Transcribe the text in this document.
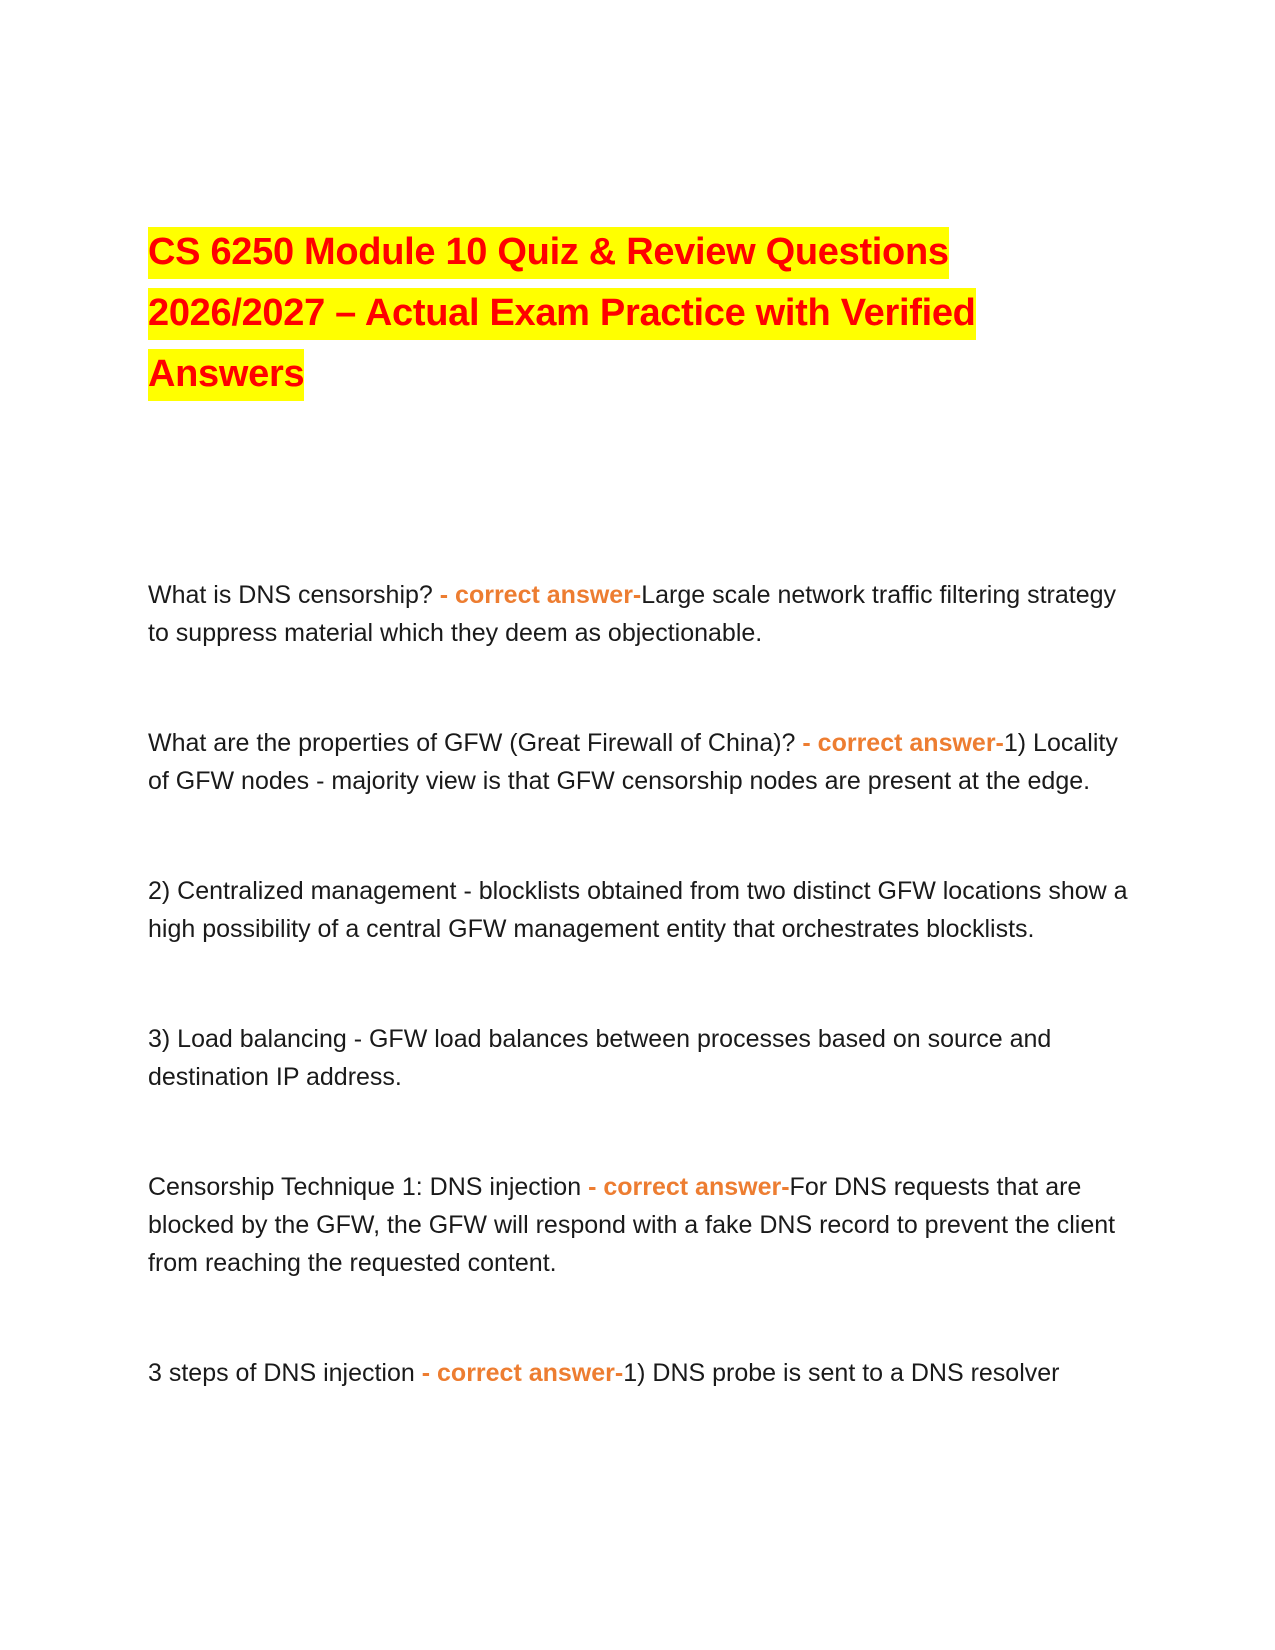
CS 6250 Module 10 Quiz & Review Questions 2026/2027 – Actual Exam Practice with Verified Answers

What is DNS censorship? - correct answer-Large scale network traffic filtering strategy to suppress material which they deem as objectionable.

What are the properties of GFW (Great Firewall of China)? - correct answer-1) Locality of GFW nodes - majority view is that GFW censorship nodes are present at the edge.

2) Centralized management - blocklists obtained from two distinct GFW locations show a high possibility of a central GFW management entity that orchestrates blocklists.

3) Load balancing - GFW load balances between processes based on source and destination IP address.

Censorship Technique 1: DNS injection - correct answer-For DNS requests that are blocked by the GFW, the GFW will respond with a fake DNS record to prevent the client from reaching the requested content.

3 steps of DNS injection - correct answer-1) DNS probe is sent to a DNS resolver
